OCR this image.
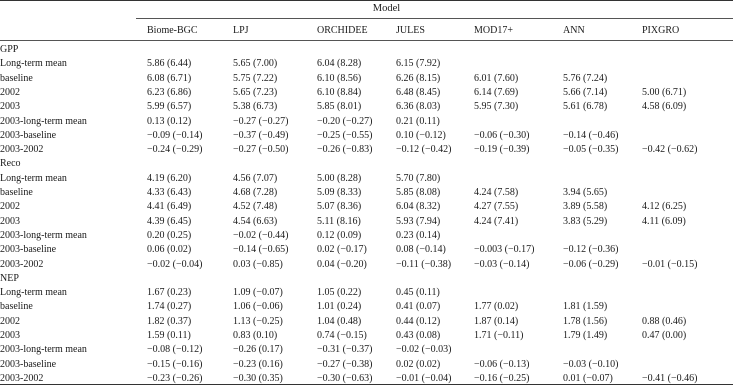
Model
Biome-BGC	LPJ	ORCHIDEE	JULES	MOD17+	ANN	PIXGRO
GPP
Long-term mean	5.86 (6.44)	5.65 (7.00)	6.04 (8.28)	6.15 (7.92)
baseline	6.08 (6.71)	5.75 (7.22)	6.10 (8.56)	6.26 (8.15)	6.01 (7.60)	5.76 (7.24)
2002	6.23 (6.86)	5.65 (7.23)	6.10 (8.84)	6.48 (8.45)	6.14 (7.69)	5.66 (7.14)	5.00 (6.71)
2003	5.99 (6.57)	5.38 (6.73)	5.85 (8.01)	6.36 (8.03)	5.95 (7.30)	5.61 (6.78)	4.58 (6.09)
2003-long-term mean	0.13 (0.12)	−0.27 (−0.27)	−0.20 (−0.27) 0.21 (0.11)
2003-baseline	−0.09 (−0.14)	−0.37 (−0.49)	−0.25 (−0.55) 0.10 (−0.12)	−0.06 (−0.30)	−0.14 (−0.46)
2003-2002	−0.24 (−0.29)	−0.27 (−0.50)	−0.26 (−0.83) −0.12 (−0.42) −0.19 (−0.39)	−0.05 (−0.35) −0.42 (−0.62)
Reco
Long-term mean	4.19 (6.20)	4.56 (7.07)	5.00 (8.28)	5.70 (7.80)
baseline	4.33 (6.43)	4.68 (7.28)	5.09 (8.33)	5.85 (8.08)	4.24 (7.58)	3.94 (5.65)
2002	4.41 (6.49)	4.52 (7.48)	5.07 (8.36)	6.04 (8.32)	4.27 (7.55)	3.89 (5.58)	4.12 (6.25)
2003	4.39 (6.45)	4.54 (6.63)	5.11 (8.16)	5.93 (7.94)	4.24 (7.41)	3.83 (5.29)	4.11 (6.09)
2003-long-term mean	0.20 (0.25)	−0.02 (−0.44)	0.12 (0.09)	0.23 (0.14)
2003-baseline	0.06 (0.02)	−0.14 (−0.65)	0.02 (−0.17)	0.08 (−0.14)	−0.003 (−0.17)	−0.12 (−0.36)
2003-2002	−0.02 (−0.04)	0.03 (−0.85)	0.04 (−0.20)	−0.11 (−0.38) −0.03 (−0.14)	−0.06 (−0.29) −0.01 (−0.15)
NEP
Long-term mean	1.67 (0.23)	1.09 (−0.07)	1.05 (0.22)	0.45 (0.11)
baseline	1.74 (0.27)	1.06 (−0.06)	1.01 (0.24)	0.41 (0.07)	1.77 (0.02)	1.81 (1.59)
2002	1.82 (0.37)	1.13 (−0.25)	1.04 (0.48)	0.44 (0.12)	1.87 (0.14)	1.78 (1.56)	0.88 (0.46)
2003	1.59 (0.11)	0.83 (0.10)	0.74 (−0.15)	0.43 (0.08)	1.71 (−0.11)	1.79 (1.49)	0.47 (0.00)
2003-long-term mean	−0.08 (−0.12)	−0.26 (0.17)	−0.31 (−0.37) −0.02 (−0.03)
2003-baseline	−0.15 (−0.16)	−0.23 (0.16)	−0.27 (−0.38) 0.02 (0.02)	−0.06 (−0.13)	−0.03 (−0.10)
2003-2002	−0.23 (−0.26)	−0.30 (0.35)	−0.30 (−0.63) −0.01 (−0.04) −0.16 (−0.25)	0.01 (−0.07)	−0.41 (−0.46)
